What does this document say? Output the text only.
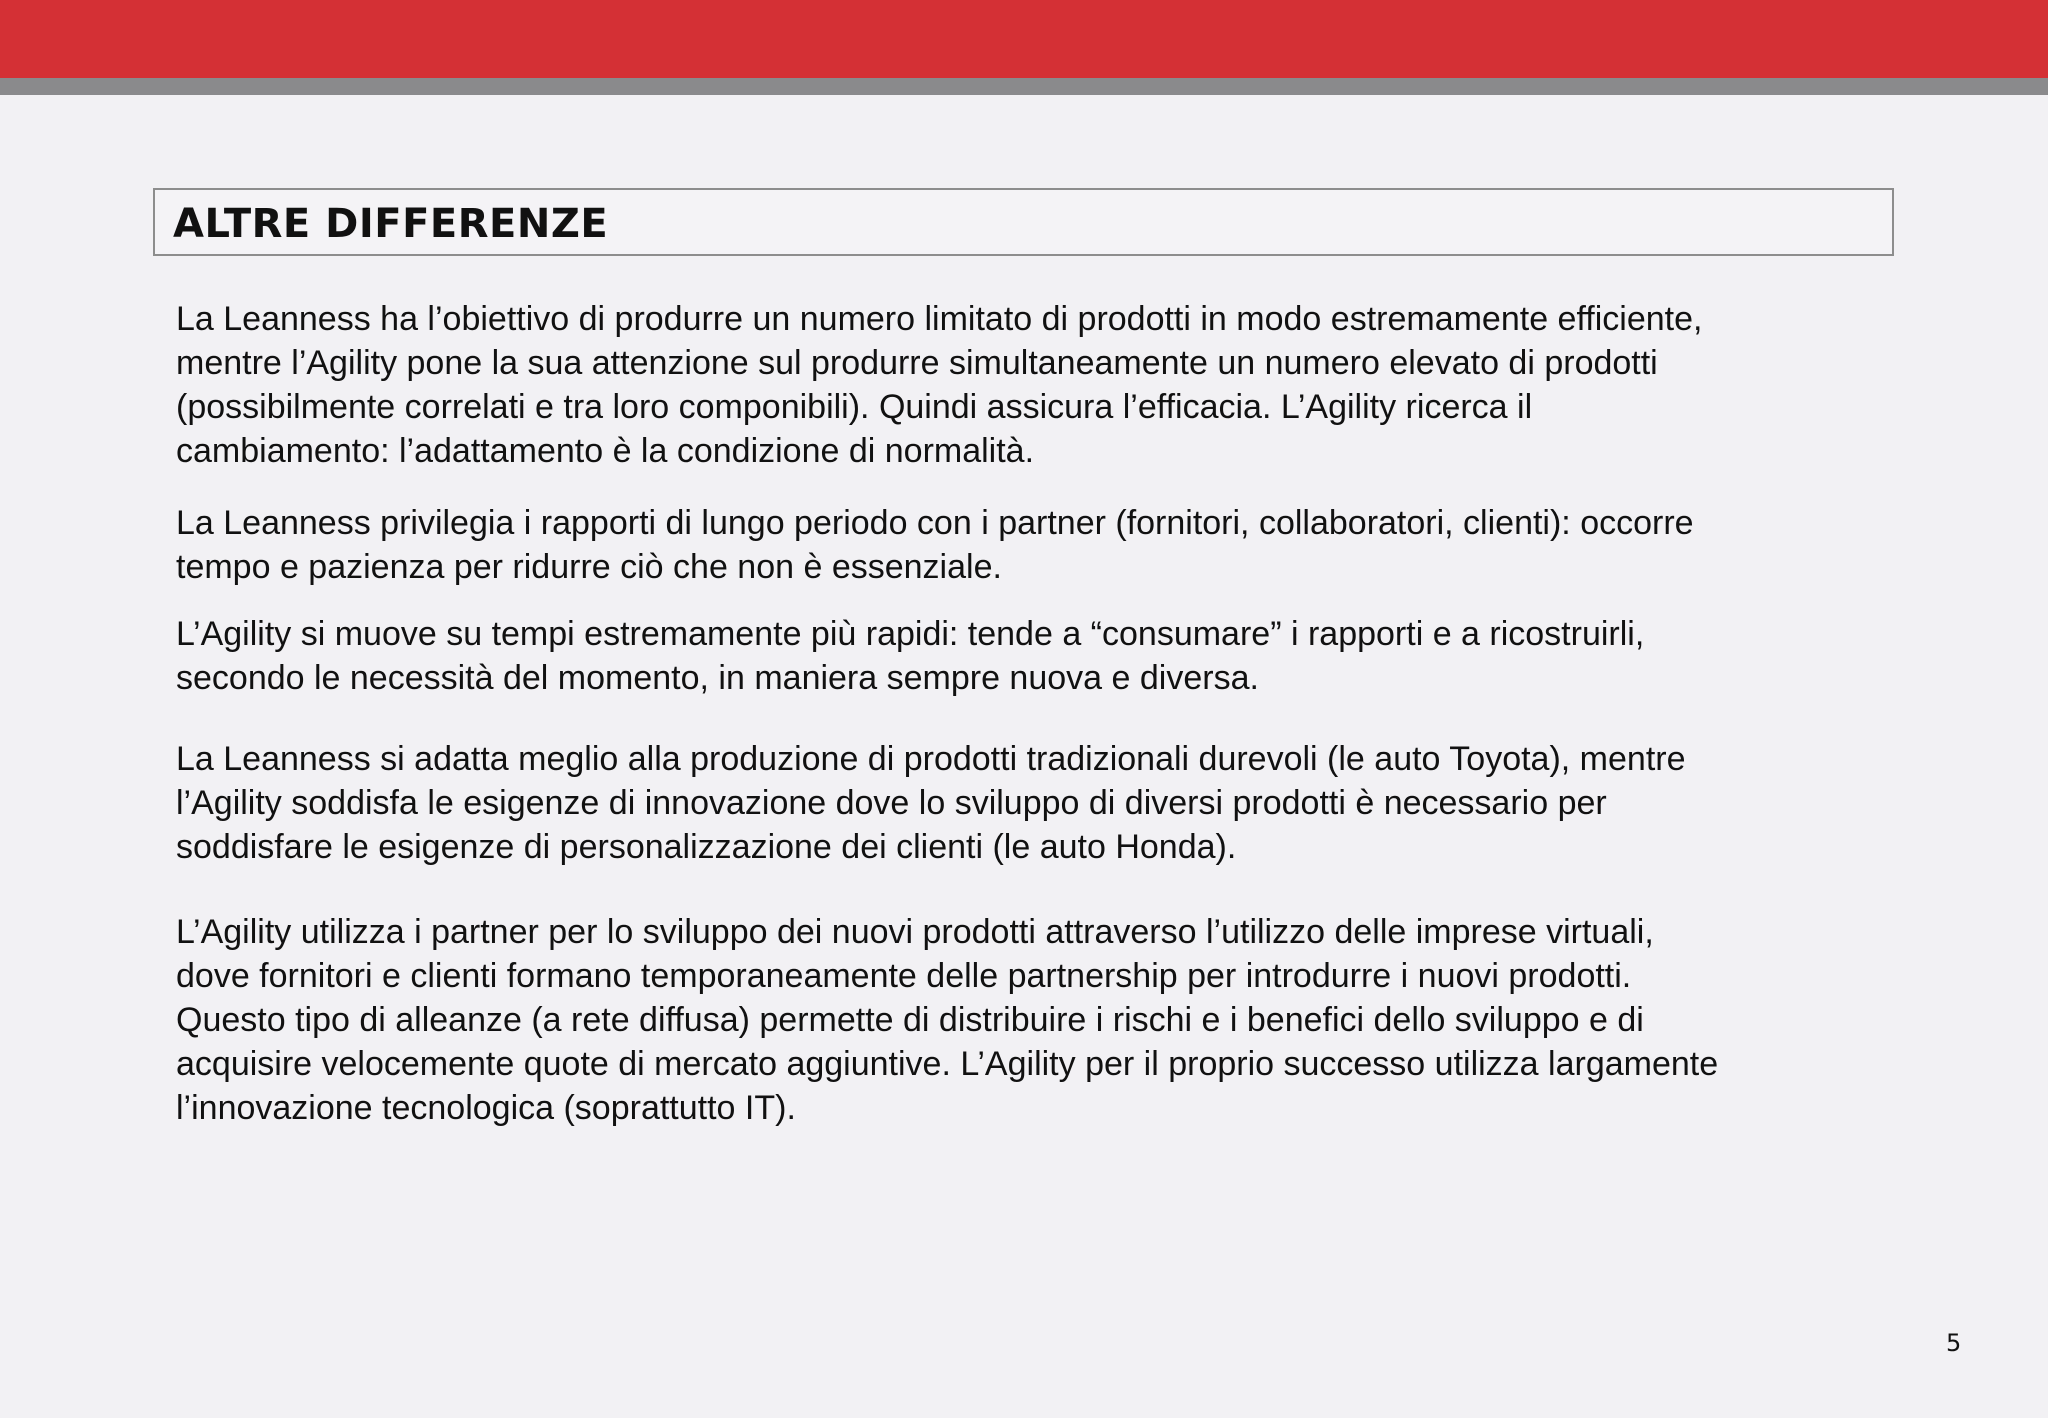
ALTRE DIFFERENZE

La Leanness ha l’obiettivo di produrre un numero limitato di prodotti in modo estremamente efficiente,
mentre l’Agility pone la sua attenzione sul produrre simultaneamente un numero elevato di prodotti
(possibilmente correlati e tra loro componibili). Quindi assicura l’efficacia. L’Agility ricerca il
cambiamento: l’adattamento è la condizione di normalità.

La Leanness privilegia i rapporti di lungo periodo con i partner (fornitori, collaboratori, clienti): occorre
tempo e pazienza per ridurre ciò che non è essenziale.

L’Agility si muove su tempi estremamente più rapidi: tende a “consumare” i rapporti e a ricostruirli,
secondo le necessità del momento, in maniera sempre nuova e diversa.

La Leanness si adatta meglio alla produzione di prodotti tradizionali durevoli (le auto Toyota), mentre
l’Agility soddisfa le esigenze di innovazione dove lo sviluppo di diversi prodotti è necessario per
soddisfare le esigenze di personalizzazione dei clienti (le auto Honda).

L’Agility utilizza i partner per lo sviluppo dei nuovi prodotti attraverso l’utilizzo delle imprese virtuali,
dove fornitori e clienti formano temporaneamente delle partnership per introdurre i nuovi prodotti.
Questo tipo di alleanze (a rete diffusa) permette di distribuire i rischi e i benefici dello sviluppo e di
acquisire velocemente quote di mercato aggiuntive. L’Agility per il proprio successo utilizza largamente
l’innovazione tecnologica (soprattutto IT).

5
